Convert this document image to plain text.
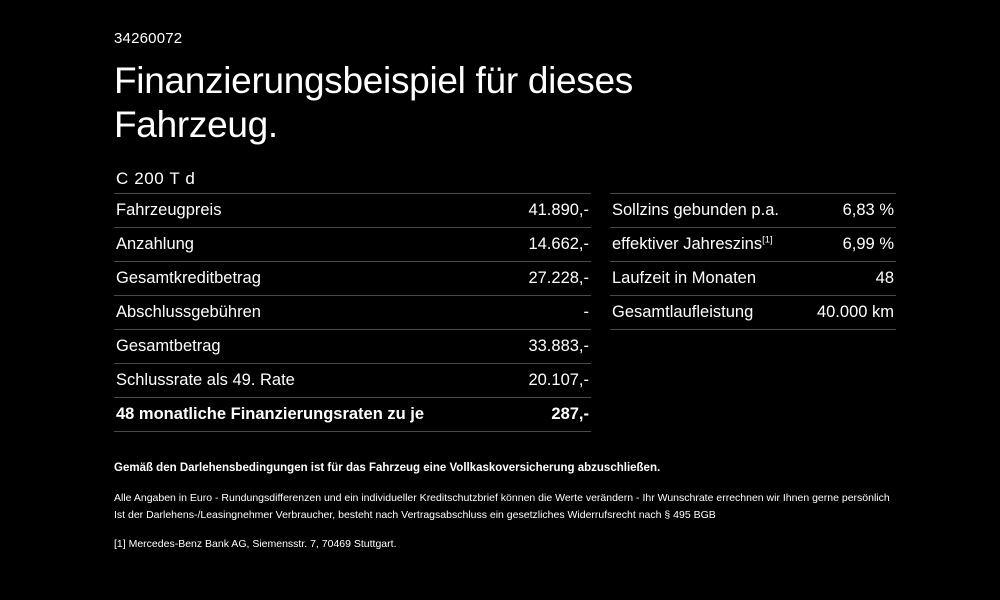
34260072
Finanzierungsbeispiel für dieses Fahrzeug.
C 200 T d
Fahrzeugpreis	41.890,-
Anzahlung	14.662,-
Gesamtkreditbetrag	27.228,-
Abschlussgebühren	-
Gesamtbetrag	33.883,-
Schlussrate als 49. Rate	20.107,-
48 monatliche Finanzierungsraten zu je	287,-
Sollzins gebunden p.a.	6,83 %
effektiver Jahreszins[1]	6,99 %
Laufzeit in Monaten	48
Gesamtlaufleistung	40.000 km
Gemäß den Darlehensbedingungen ist für das Fahrzeug eine Vollkaskoversicherung abzuschließen.
Alle Angaben in Euro - Rundungsdifferenzen und ein individueller Kreditschutzbrief können die Werte verändern - Ihr Wunschrate errechnen wir Ihnen gerne persönlich
Ist der Darlehens-/Leasingnehmer Verbraucher, besteht nach Vertragsabschluss ein gesetzliches Widerrufsrecht nach § 495 BGB
[1] Mercedes-Benz Bank AG, Siemensstr. 7, 70469 Stuttgart.
